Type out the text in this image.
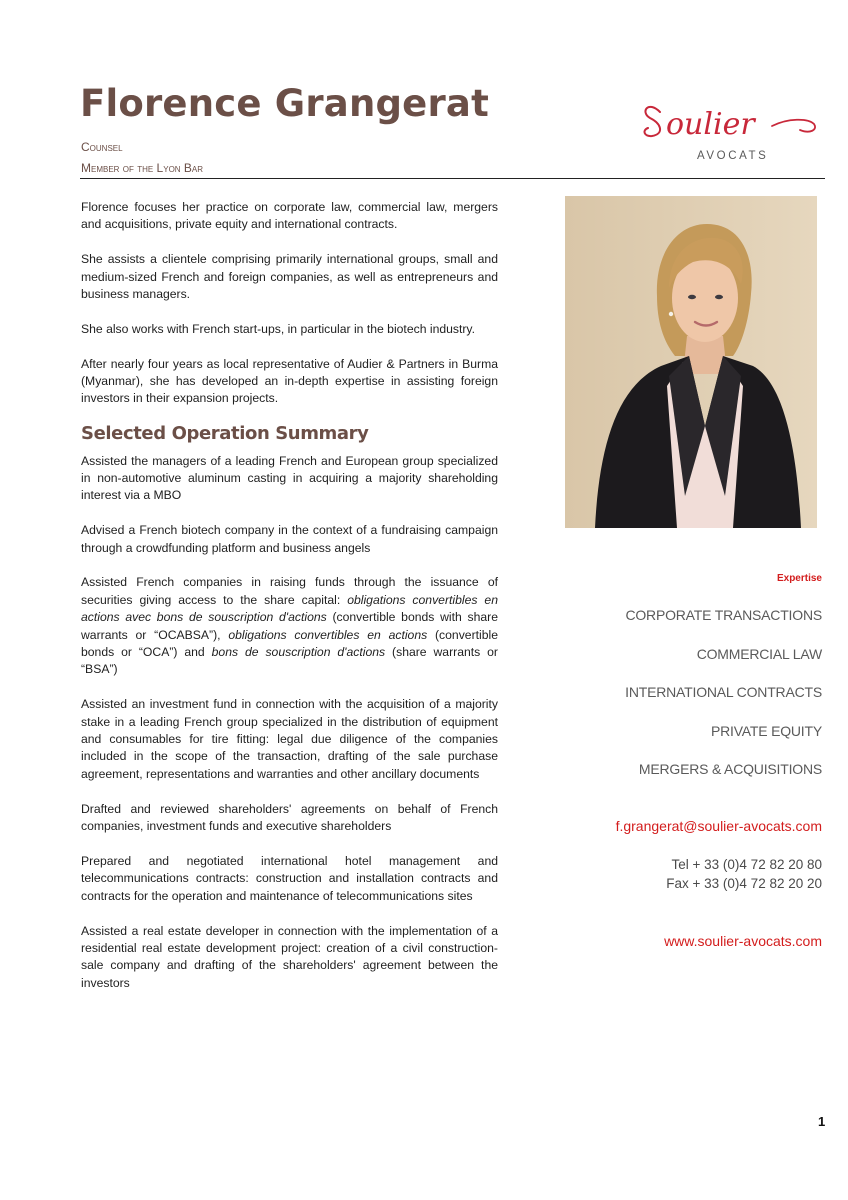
Florence Grangerat
Counsel
Member of the Lyon Bar
oulier
AVOCATS

Florence focuses her practice on corporate law, commercial law, mergers and acquisitions, private equity and international contracts.

She assists a clientele comprising primarily international groups, small and medium-sized French and foreign companies, as well as entrepreneurs and business managers.

She also works with French start-ups, in particular in the biotech industry.

After nearly four years as local representative of Audier & Partners in Burma (Myanmar), she has developed an in-depth expertise in assisting foreign investors in their expansion projects.

Selected Operation Summary

Assisted the managers of a leading French and European group specialized in non-automotive aluminum casting in acquiring a majority shareholding interest via a MBO

Advised a French biotech company in the context of a fundraising campaign through a crowdfunding platform and business angels

Assisted French companies in raising funds through the issuance of securities giving access to the share capital: obligations convertibles en actions avec bons de souscription d'actions (convertible bonds with share warrants or “OCABSA”), obligations convertibles en actions (convertible bonds or “OCA”) and bons de souscription d'actions (share warrants or “BSA”)

Assisted an investment fund in connection with the acquisition of a majority stake in a leading French group specialized in the distribution of equipment and consumables for tire fitting: legal due diligence of the companies included in the scope of the transaction, drafting of the sale purchase agreement, representations and warranties and other ancillary documents

Drafted and reviewed shareholders' agreements on behalf of French companies, investment funds and executive shareholders

Prepared and negotiated international hotel management and telecommunications contracts: construction and installation contracts and contracts for the operation and maintenance of telecommunications sites

Assisted a real estate developer in connection with the implementation of a residential real estate development project: creation of a civil construction-sale company and drafting of the shareholders' agreement between the investors

Expertise
CORPORATE TRANSACTIONS
COMMERCIAL LAW
INTERNATIONAL CONTRACTS
PRIVATE EQUITY
MERGERS & ACQUISITIONS
f.grangerat@soulier-avocats.com
Tel + 33 (0)4 72 82 20 80
Fax + 33 (0)4 72 82 20 20
www.soulier-avocats.com
1
